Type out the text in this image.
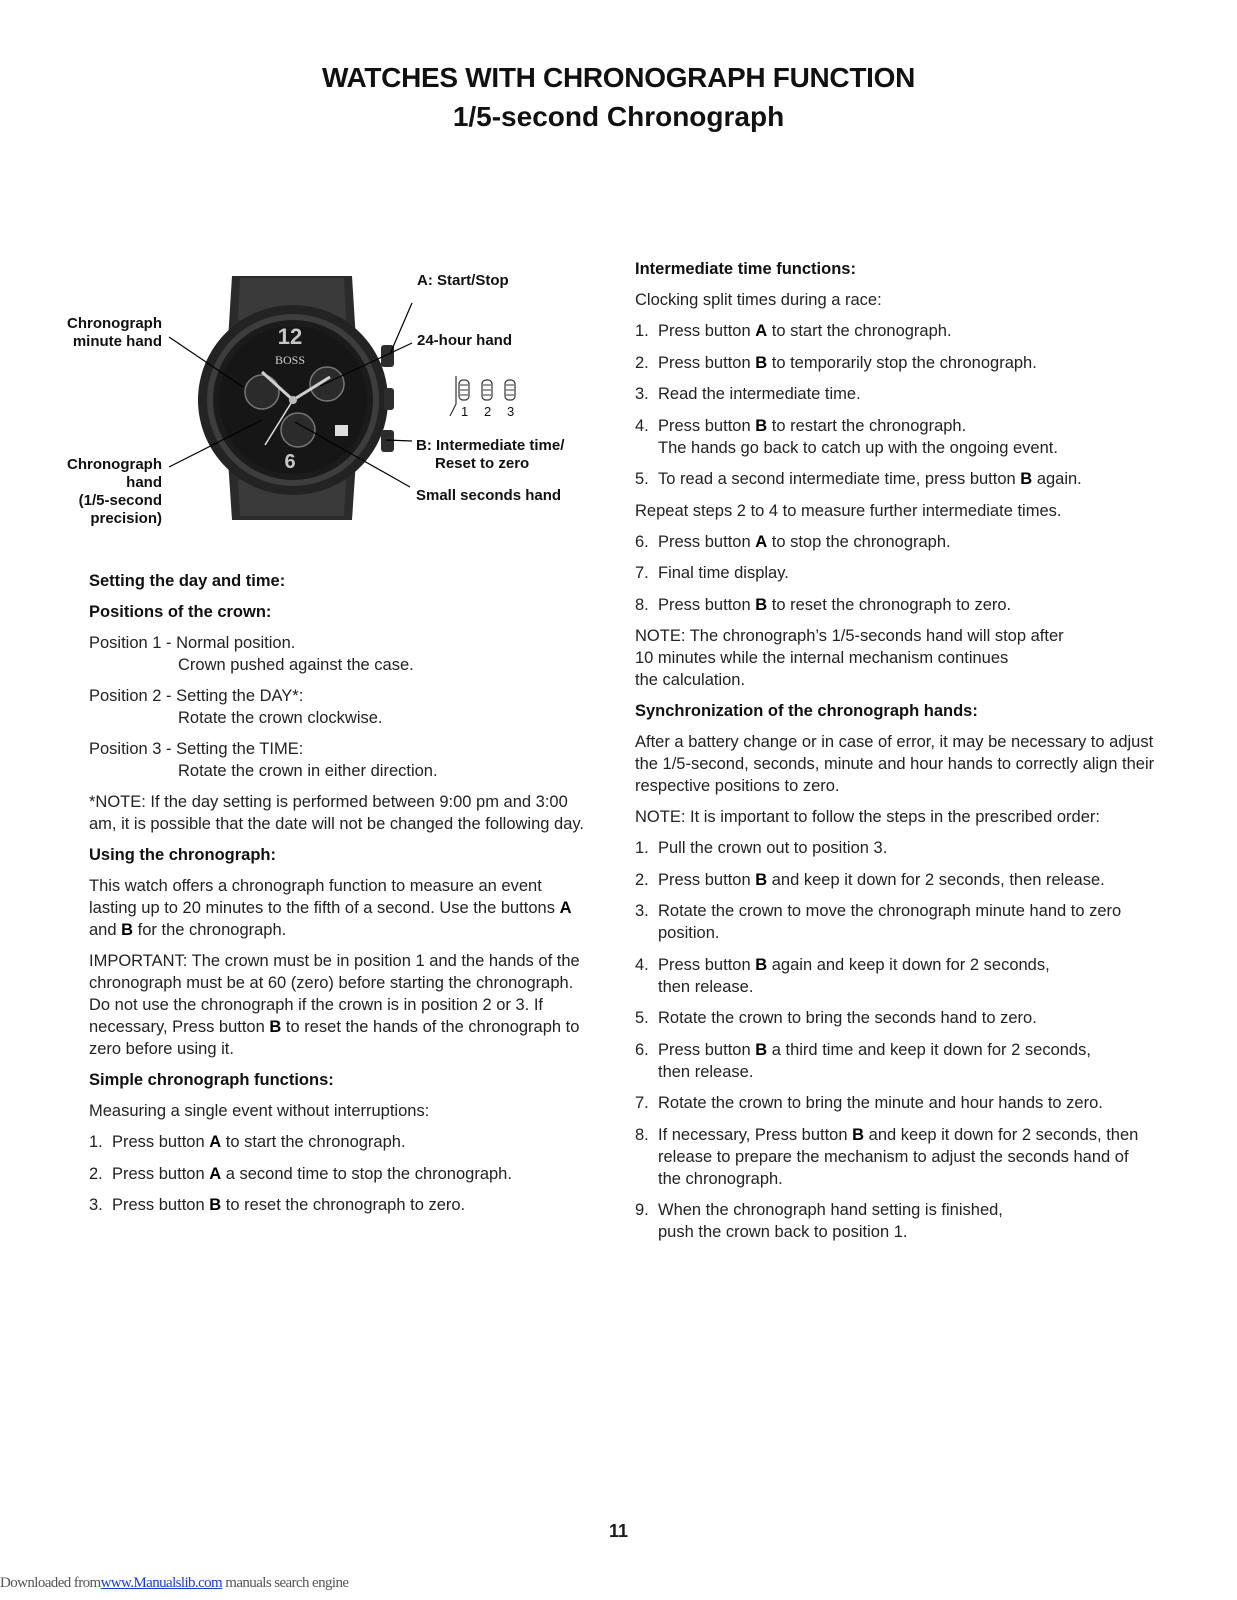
WATCHES WITH CHRONOGRAPH FUNCTION
1/5-second Chronograph
12
6
BOSS
1 2 3
A: Start/Stop
24-hour hand
Chronograph
minute hand
Chronograph
hand
(1/5-second
precision)
B: Intermediate time/
Reset to zero
Small seconds hand
Setting the day and time:
Positions of the crown:
Position 1 - Normal position.
Crown pushed against the case.
Position 2 - Setting the DAY*:
Rotate the crown clockwise.
Position 3 - Setting the TIME:
Rotate the crown in either direction.

*NOTE: If the day setting is performed between 9:00 pm and 3:00 am, it is possible that the date will not be changed the following day.

Using the chronograph:

This watch offers a chronograph function to measure an event lasting up to 20 minutes to the fifth of a second. Use the buttons A and B for the chronograph.

IMPORTANT: The crown must be in position 1 and the hands of the chronograph must be at 60 (zero) before starting the chronograph. Do not use the chronograph if the crown is in position 2 or 3. If necessary, Press button B to reset the hands of the chronograph to zero before using it.

Simple chronograph functions:

Measuring a single event without interruptions:

1. Press button A to start the chronograph.
2. Press button A a second time to stop the chronograph.
3. Press button B to reset the chronograph to zero.
Intermediate time functions:

Clocking split times during a race:

1. Press button A to start the chronograph.
2. Press button B to temporarily stop the chronograph.
3. Read the intermediate time.
4. Press button B to restart the chronograph.
The hands go back to catch up with the ongoing event.
5. To read a second intermediate time, press button B again.

Repeat steps 2 to 4 to measure further intermediate times.

6. Press button A to stop the chronograph.
7. Final time display.
8. Press button B to reset the chronograph to zero.

NOTE: The chronograph’s 1/5-seconds hand will stop after
10 minutes while the internal mechanism continues
the calculation.

Synchronization of the chronograph hands:

After a battery change or in case of error, it may be necessary to adjust the 1/5-second, seconds, minute and hour hands to correctly align their respective positions to zero.

NOTE: It is important to follow the steps in the prescribed order:

1. Pull the crown out to position 3.
2. Press button B and keep it down for 2 seconds, then release.
3. Rotate the crown to move the chronograph minute hand to zero position.
4. Press button B again and keep it down for 2 seconds,
then release.
5. Rotate the crown to bring the seconds hand to zero.
6. Press button B a third time and keep it down for 2 seconds,
then release.
7. Rotate the crown to bring the minute and hour hands to zero.
8. If necessary, Press button B and keep it down for 2 seconds, then release to prepare the mechanism to adjust the seconds hand of the chronograph.
9. When the chronograph hand setting is finished,
push the crown back to position 1.
11
Downloaded fromwww.Manualslib.com manuals search engine
